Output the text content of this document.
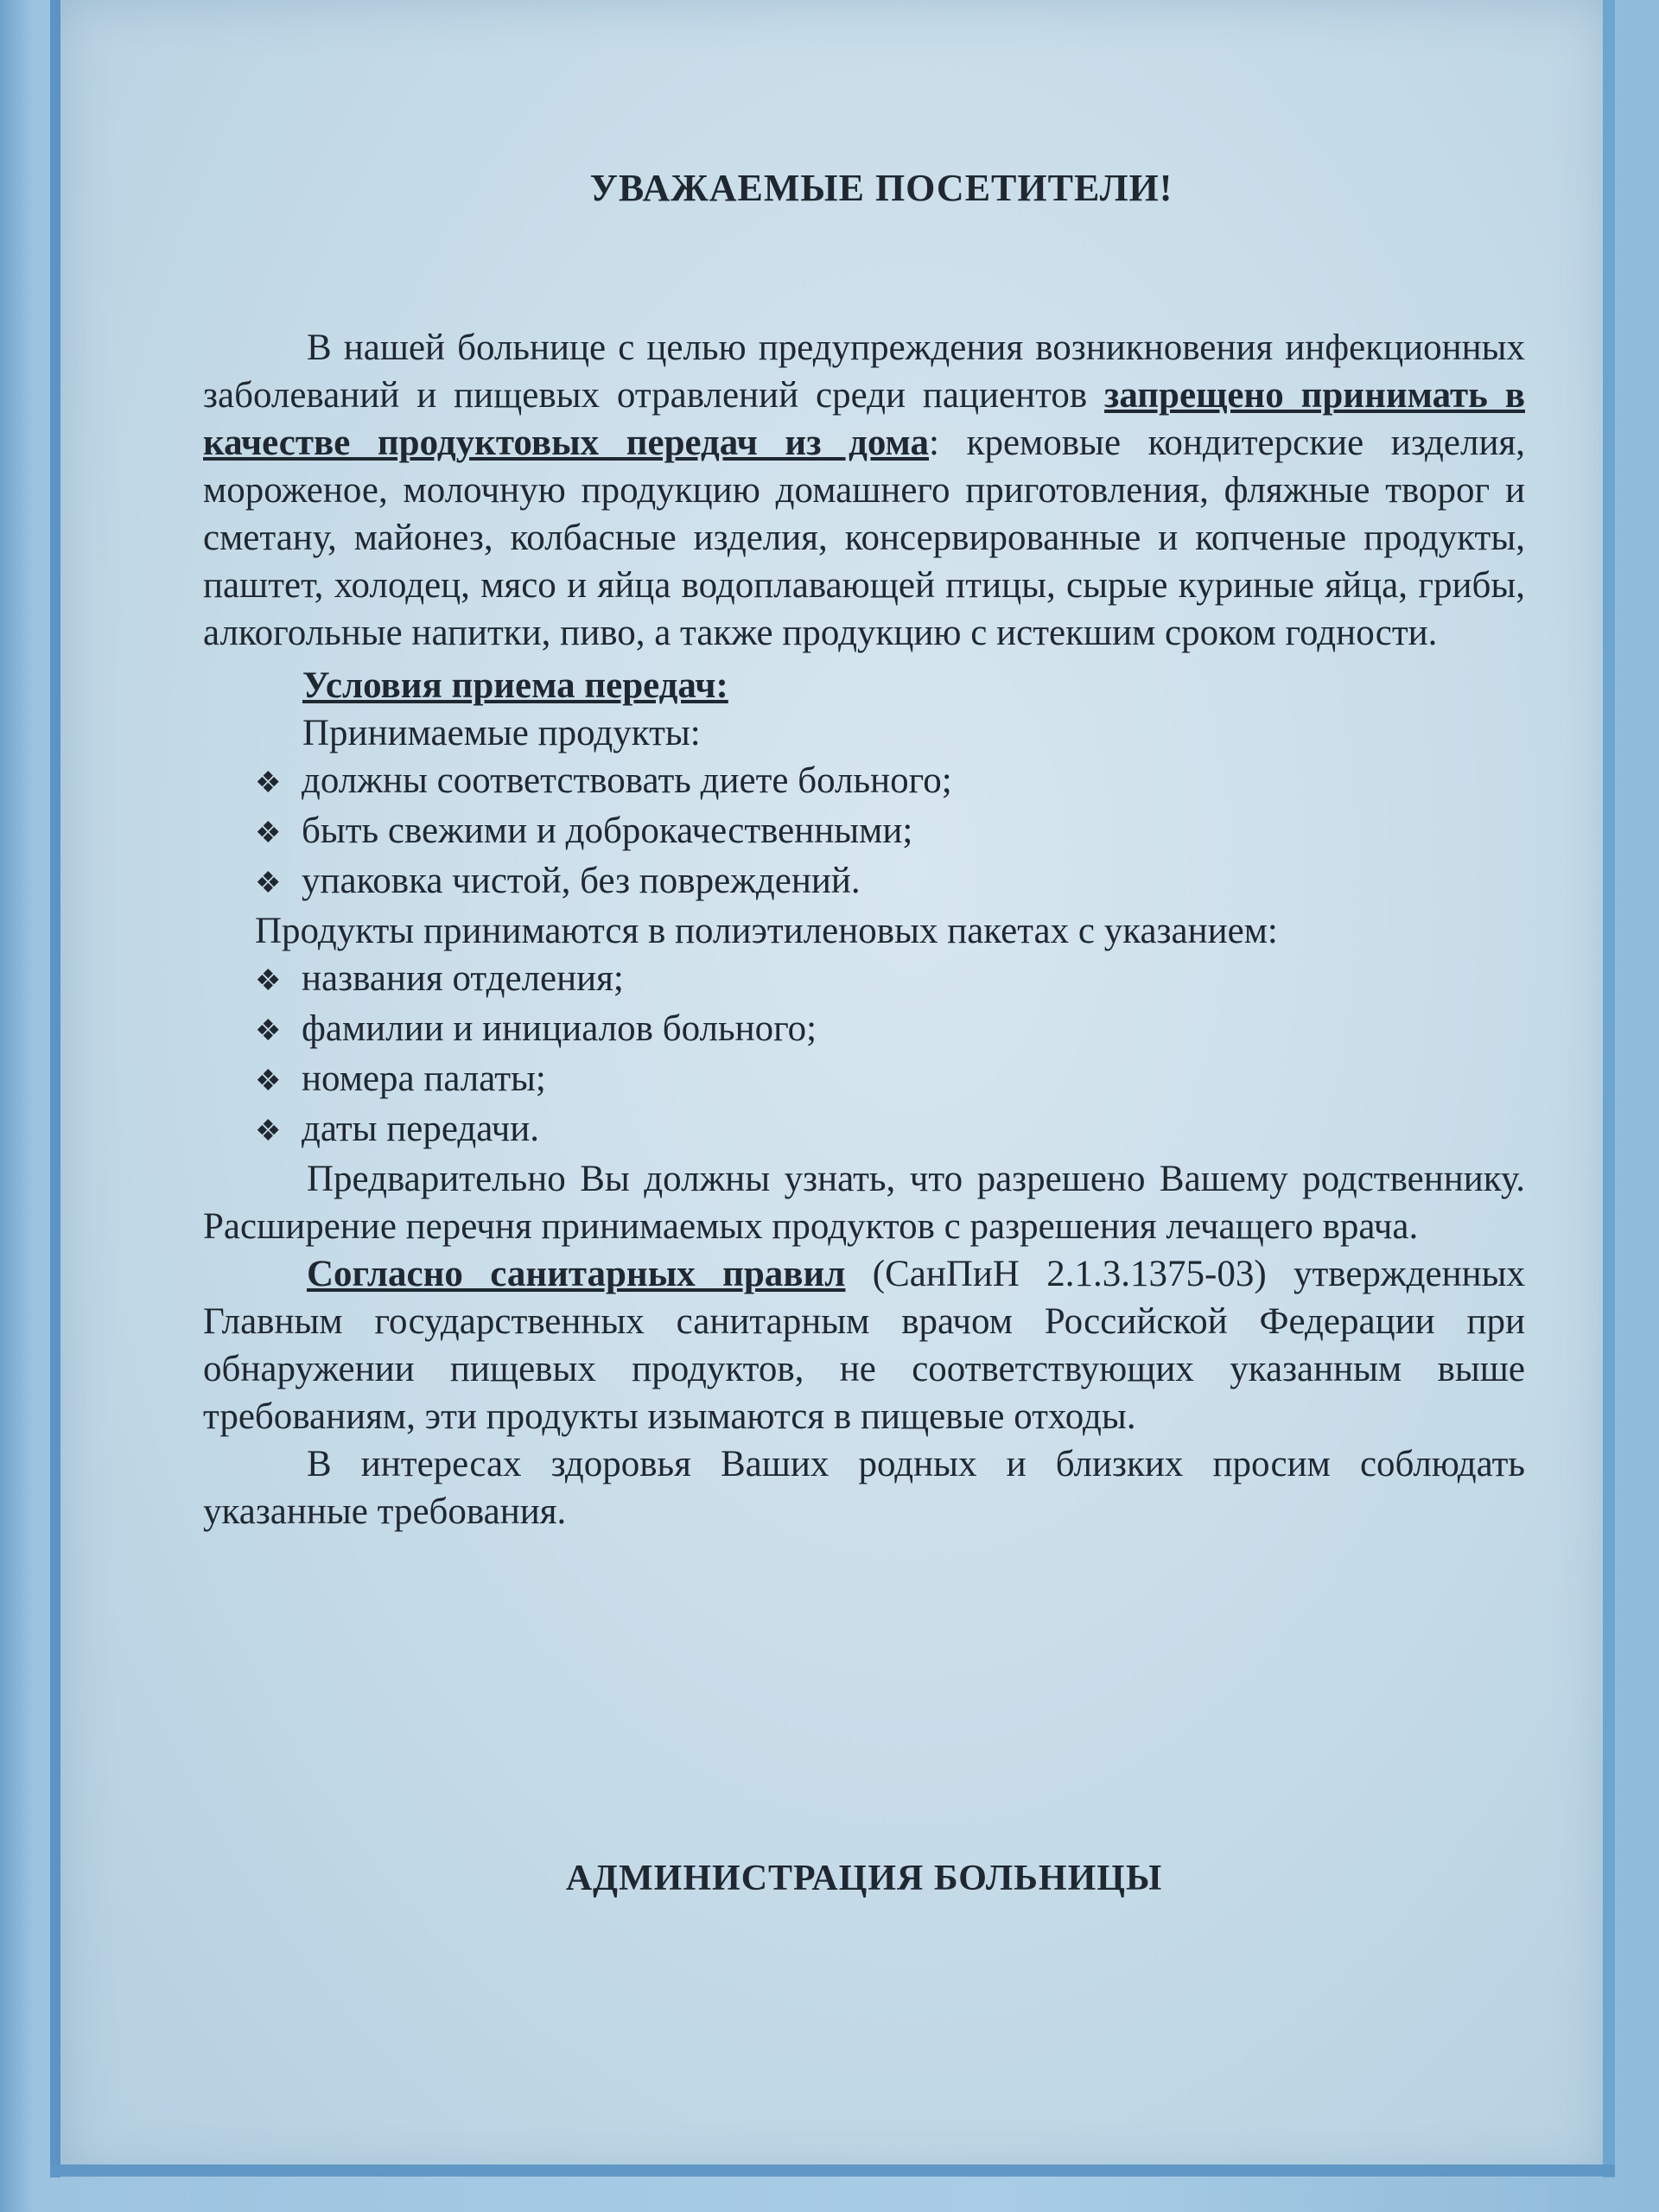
УВАЖАЕМЫЕ ПОСЕТИТЕЛИ!

В нашей больнице с целью предупреждения возникновения инфекционных заболеваний и пищевых отравлений среди пациентов запрещено принимать в качестве продуктовых передач из дома: кремовые кондитерские изделия, мороженое, молочную продукцию домашнего приготовления, фляжные творог и сметану, майонез, колбасные изделия, консервированные и копченые продукты, паштет, холодец, мясо и яйца водоплавающей птицы, сырые куриные яйца, грибы, алкогольные напитки, пиво, а также продукцию с истекшим сроком годности.

Условия приема передач:
Принимаемые продукты:
❖ должны соответствовать диете больного;
❖ быть свежими и доброкачественными;
❖ упаковка чистой, без повреждений.
Продукты принимаются в полиэтиленовых пакетах с указанием:
❖ названия отделения;
❖ фамилии и инициалов больного;
❖ номера палаты;
❖ даты передачи.

Предварительно Вы должны узнать, что разрешено Вашему родственнику. Расширение перечня принимаемых продуктов с разрешения лечащего врача.

Согласно санитарных правил (СанПиН 2.1.3.1375-03) утвержденных Главным государственных санитарным врачом Российской Федерации при обнаружении пищевых продуктов, не соответствующих указанным выше требованиям, эти продукты изымаются в пищевые отходы.

В интересах здоровья Ваших родных и близких просим соблюдать указанные требования.

АДМИНИСТРАЦИЯ БОЛЬНИЦЫ
